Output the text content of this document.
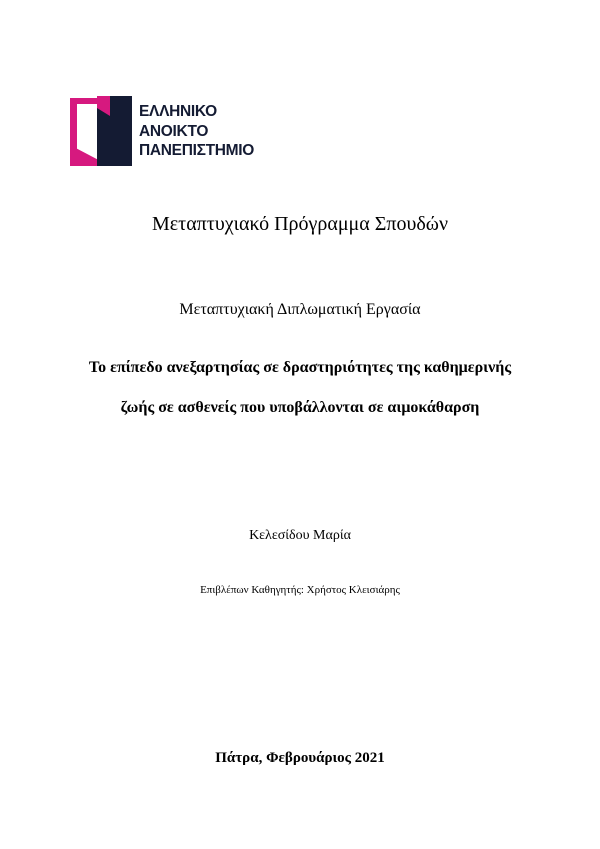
ΕΛΛΗΝΙΚΟ
ΑΝΟΙΚΤΟ
ΠΑΝΕΠΙΣΤΗΜΙΟ
Μεταπτυχιακό Πρόγραμμα Σπουδών
Μεταπτυχιακή Διπλωματική Εργασία
Το επίπεδο ανεξαρτησίας σε δραστηριότητες της καθημερινής
ζωής σε ασθενείς που υποβάλλονται σε αιμοκάθαρση
Κελεσίδου Μαρία
Επιβλέπων Καθηγητής: Χρήστος Κλεισιάρης
Πάτρα, Φεβρουάριος 2021
